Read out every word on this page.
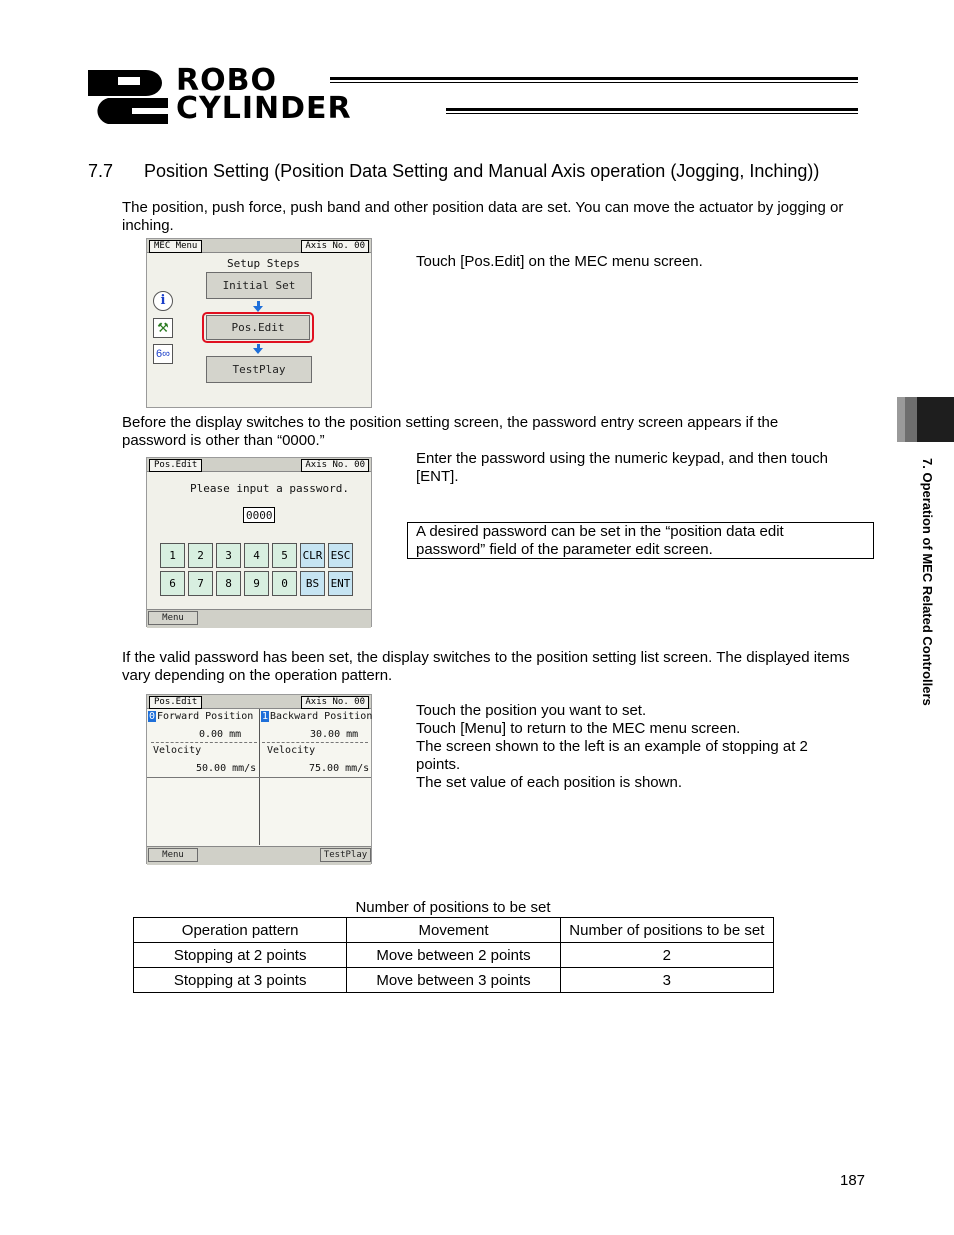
ROBO
CYLINDER
7.7 Position Setting (Position Data Setting and Manual Axis operation (Jogging, Inching))
The position, push force, push band and other position data are set. You can move the actuator by jogging or inching.
MEC Menu	Axis No. 00
Setup Steps
Initial Set
Pos.Edit
TestPlay
i
⚒
6∞
Touch [Pos.Edit] on the MEC menu screen.
Before the display switches to the position setting screen, the password entry screen appears if the password is other than “0000.”
Pos.Edit	Axis No. 00
Please input a password.
0000
1	2	3	4	5	CLR ESC
6	7	8	9	0	BS	ENT
Menu
Enter the password using the numeric keypad, and then touch [ENT].
A desired password can be set in the “position data edit password” field of the parameter edit screen.
If the valid password has been set, the display switches to the position setting list screen. The displayed items vary depending on the operation pattern.
Pos.Edit	Axis No. 00
0 Forward Position
0.00 mm
Velocity
50.00 mm/s
1 Backward Position
30.00 mm
Velocity
75.00 mm/s
Menu	TestPlay
Touch the position you want to set.
Touch [Menu] to return to the MEC menu screen.
The screen shown to the left is an example of stopping at 2 points.
The set value of each position is shown.
Number of positions to be set
Operation pattern	Movement	Number of positions to be set
Stopping at 2 points	Move between 2 points	2
Stopping at 3 points	Move between 3 points	3
7. Operation of MEC Related Controllers
187
